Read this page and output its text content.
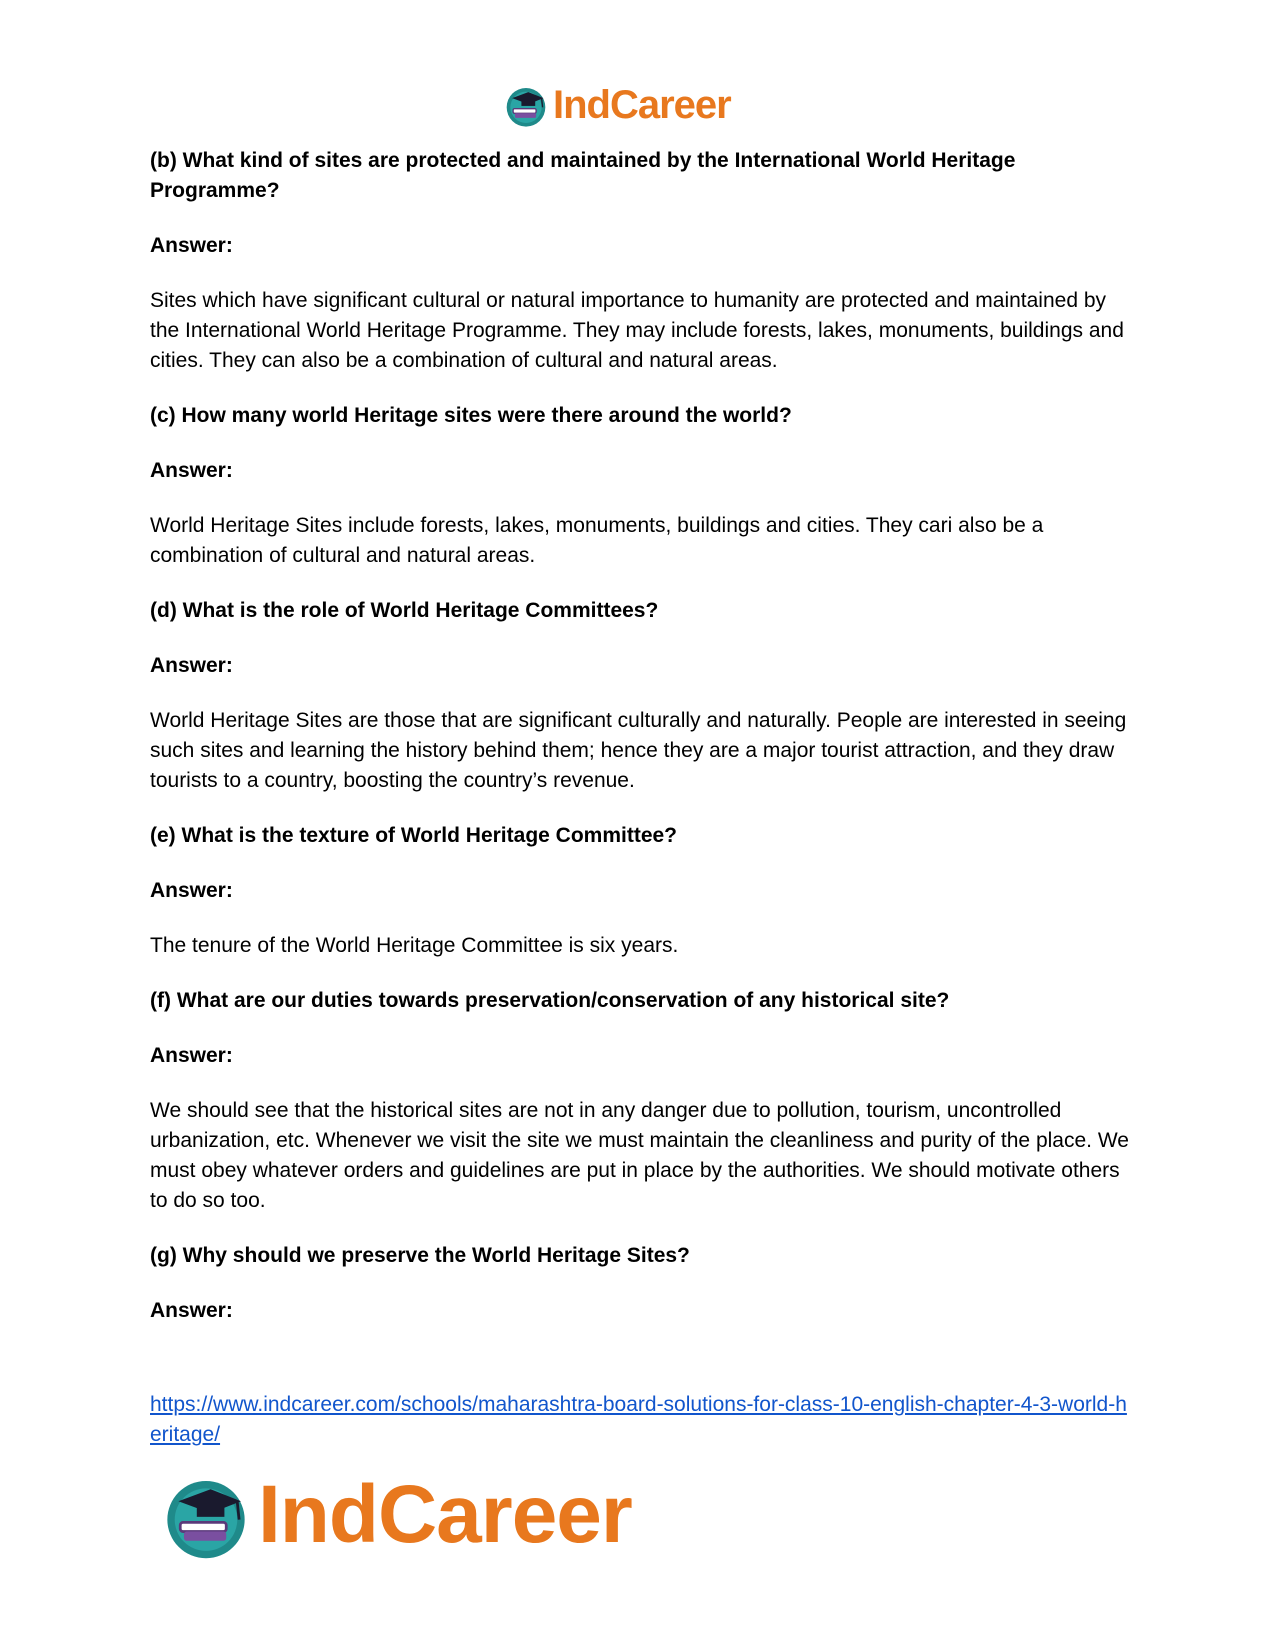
IndCareer

(b) What kind of sites are protected and maintained by the International World Heritage Programme?

Answer:

Sites which have significant cultural or natural importance to humanity are protected and maintained by the International World Heritage Programme. They may include forests, lakes, monuments, buildings and cities. They can also be a combination of cultural and natural areas.

(c) How many world Heritage sites were there around the world?

Answer:

World Heritage Sites include forests, lakes, monuments, buildings and cities. They cari also be a combination of cultural and natural areas.

(d) What is the role of World Heritage Committees?

Answer:

World Heritage Sites are those that are significant culturally and naturally. People are interested in seeing such sites and learning the history behind them; hence they are a major tourist attraction, and they draw tourists to a country, boosting the country’s revenue.

(e) What is the texture of World Heritage Committee?

Answer:

The tenure of the World Heritage Committee is six years.

(f) What are our duties towards preservation/conservation of any historical site?

Answer:

We should see that the historical sites are not in any danger due to pollution, tourism, uncontrolled urbanization, etc. Whenever we visit the site we must maintain the cleanliness and purity of the place. We must obey whatever orders and guidelines are put in place by the authorities. We should motivate others to do so too.

(g) Why should we preserve the World Heritage Sites?

Answer:

https://www.indcareer.com/schools/maharashtra-board-solutions-for-class-10-english-chapter-4-3-world-heritage/
IndCareer
